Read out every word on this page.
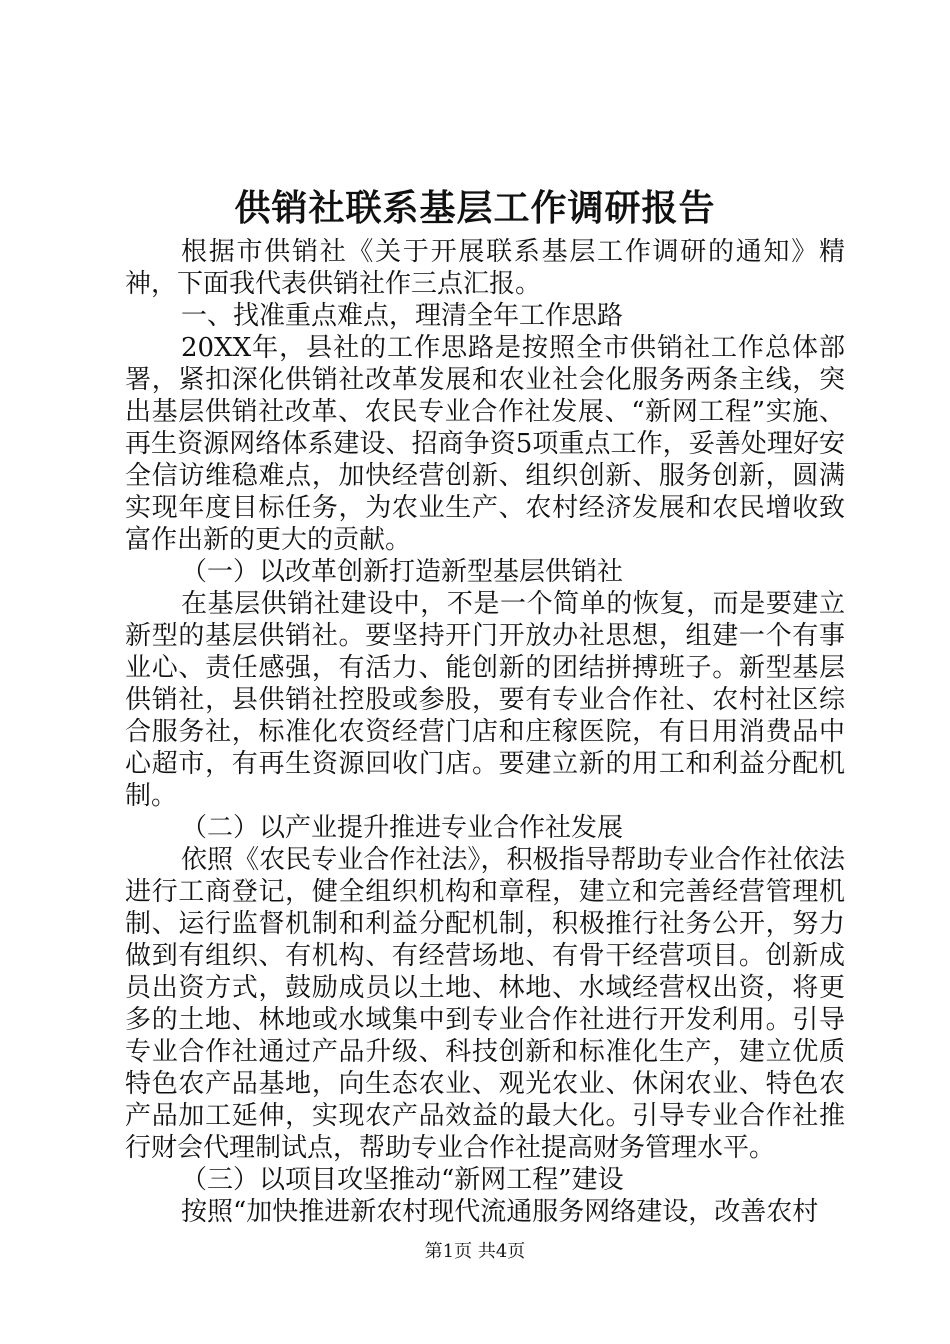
供销社联系基层工作调研报告

根据市供销社《关于开展联系基层工作调研的通知》精神，下面我代表供销社作三点汇报。

一、找准重点难点，理清全年工作思路

20XX年，县社的工作思路是按照全市供销社工作总体部署，紧扣深化供销社改革发展和农业社会化服务两条主线，突出基层供销社改革、农民专业合作社发展、“新网工程”实施、再生资源网络体系建设、招商争资5项重点工作，妥善处理好安全信访维稳难点，加快经营创新、组织创新、服务创新，圆满实现年度目标任务，为农业生产、农村经济发展和农民增收致富作出新的更大的贡献。

（一）以改革创新打造新型基层供销社

在基层供销社建设中，不是一个简单的恢复，而是要建立新型的基层供销社。要坚持开门开放办社思想，组建一个有事业心、责任感强，有活力、能创新的团结拼搏班子。新型基层供销社，县供销社控股或参股，要有专业合作社、农村社区综合服务社，标准化农资经营门店和庄稼医院，有日用消费品中心超市，有再生资源回收门店。要建立新的用工和利益分配机制。

（二）以产业提升推进专业合作社发展

依照《农民专业合作社法》，积极指导帮助专业合作社依法进行工商登记，健全组织机构和章程，建立和完善经营管理机制、运行监督机制和利益分配机制，积极推行社务公开，努力做到有组织、有机构、有经营场地、有骨干经营项目。创新成员出资方式，鼓励成员以土地、林地、水域经营权出资，将更多的土地、林地或水域集中到专业合作社进行开发利用。引导专业合作社通过产品升级、科技创新和标准化生产，建立优质特色农产品基地，向生态农业、观光农业、休闲农业、特色农产品加工延伸，实现农产品效益的最大化。引导专业合作社推行财会代理制试点，帮助专业合作社提高财务管理水平。

（三）以项目攻坚推动“新网工程”建设

按照“加快推进新农村现代流通服务网络建设，改善农村

第1页 共4页
